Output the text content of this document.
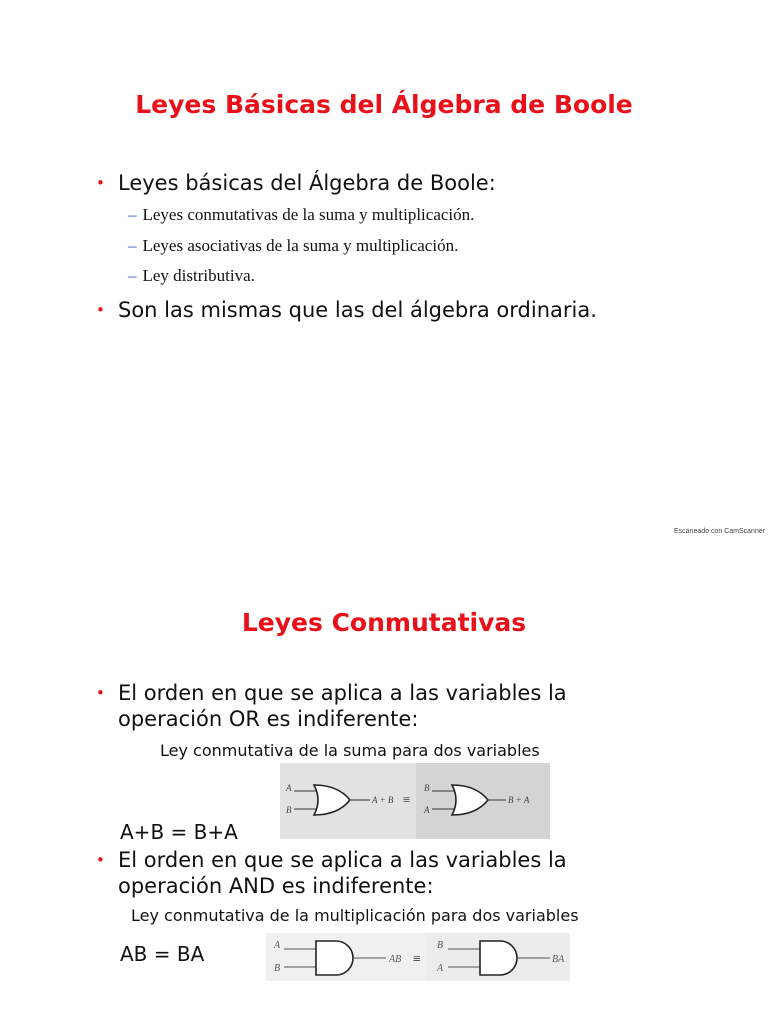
Leyes Básicas del Álgebra de Boole
• Leyes básicas del Álgebra de Boole:
– Leyes conmutativas de la suma y multiplicación.
– Leyes asociativas de la suma y multiplicación.
– Ley distributiva.
• Son las mismas que las del álgebra ordinaria.
Escaneado con CamScanner
Leyes Conmutativas
• El orden en que se aplica a las variables la
operación OR es indiferente:
Ley conmutativa de la suma para dos variables
A
B
A + B ≡
B
A
B + A
A+B = B+A
• El orden en que se aplica a las variables la
operación AND es indiferente:
Ley conmutativa de la multiplicación para dos variables
AB = BA	A
B
AB ≡
B
A
BA
